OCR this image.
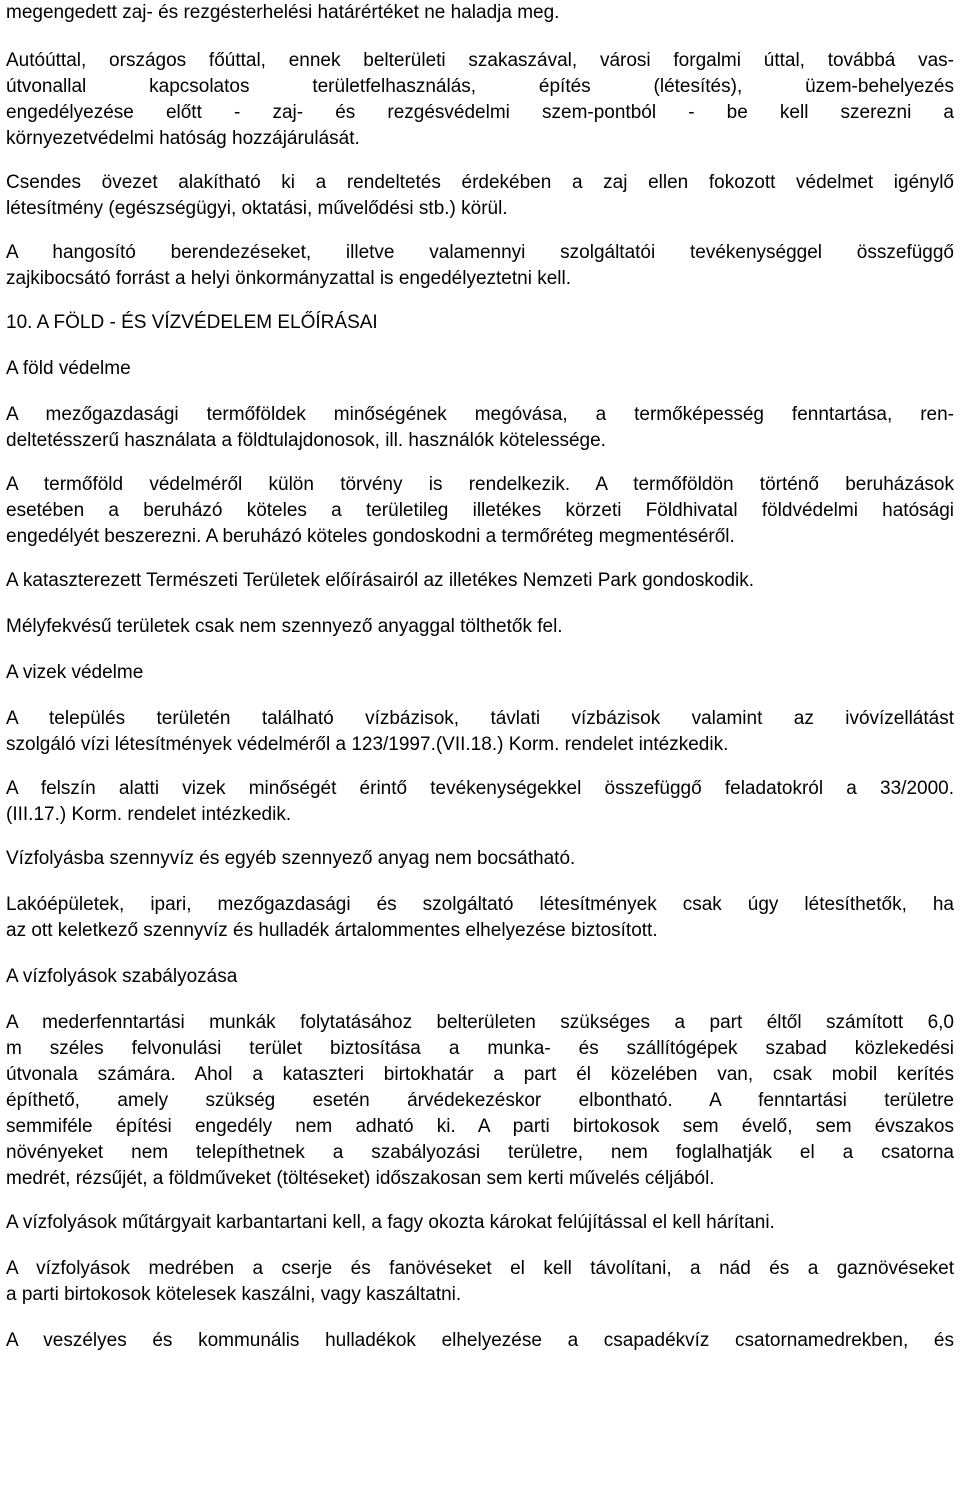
megengedett zaj- és rezgésterhelési határértéket ne haladja meg.
Autóúttal, országos főúttal, ennek belterületi szakaszával, városi forgalmi úttal, továbbá vas-
útvonallal kapcsolatos területfelhasználás, építés (létesítés), üzem-behelyezés
engedélyezése előtt - zaj- és rezgésvédelmi szem-pontból - be kell szerezni a
környezetvédelmi hatóság hozzájárulását.
Csendes övezet alakítható ki a rendeltetés érdekében a zaj ellen fokozott védelmet igénylő
létesítmény (egészségügyi, oktatási, művelődési stb.) körül.
A hangosító berendezéseket, illetve valamennyi szolgáltatói tevékenységgel összefüggő
zajkibocsátó forrást a helyi önkormányzattal is engedélyeztetni kell.
10. A FÖLD - ÉS VÍZVÉDELEM ELŐÍRÁSAI
A föld védelme
A mezőgazdasági termőföldek minőségének megóvása, a termőképesség fenntartása, ren-
deltetésszerű használata a földtulajdonosok, ill. használók kötelessége.
A termőföld védelméről külön törvény is rendelkezik. A termőföldön történő beruházások
esetében a beruházó köteles a területileg illetékes körzeti Földhivatal földvédelmi hatósági
engedélyét beszerezni. A beruházó köteles gondoskodni a termőréteg megmentéséről.
A kataszterezett Természeti Területek előírásairól az illetékes Nemzeti Park gondoskodik.
Mélyfekvésű területek csak nem szennyező anyaggal tölthetők fel.
A vizek védelme
A település területén található vízbázisok, távlati vízbázisok valamint az ivóvízellátást
szolgáló vízi létesítmények védelméről a 123/1997.(VII.18.) Korm. rendelet intézkedik.
A felszín alatti vizek minőségét érintő tevékenységekkel összefüggő feladatokról a 33/2000.
(III.17.) Korm. rendelet intézkedik.
Vízfolyásba szennyvíz és egyéb szennyező anyag nem bocsátható.
Lakóépületek, ipari, mezőgazdasági és szolgáltató létesítmények csak úgy létesíthetők, ha
az ott keletkező szennyvíz és hulladék ártalommentes elhelyezése biztosított.
A vízfolyások szabályozása
A mederfenntartási munkák folytatásához belterületen szükséges a part éltől számított 6,0
m széles felvonulási terület biztosítása a munka- és szállítógépek szabad közlekedési
útvonala számára. Ahol a kataszteri birtokhatár a part él közelében van, csak mobil kerítés
építhető, amely szükség esetén árvédekezéskor elbontható. A fenntartási területre
semmiféle építési engedély nem adható ki. A parti birtokosok sem évelő, sem évszakos
növényeket nem telepíthetnek a szabályozási területre, nem foglalhatják el a csatorna
medrét, rézsűjét, a földműveket (töltéseket) időszakosan sem kerti művelés céljából.
A vízfolyások műtárgyait karbantartani kell, a fagy okozta károkat felújítással el kell hárítani.
A vízfolyások medrében a cserje és fanövéseket el kell távolítani, a nád és a gaznövéseket
a parti birtokosok kötelesek kaszálni, vagy kaszáltatni.
A veszélyes és kommunális hulladékok elhelyezése a csapadékvíz csatornamedrekben, és
